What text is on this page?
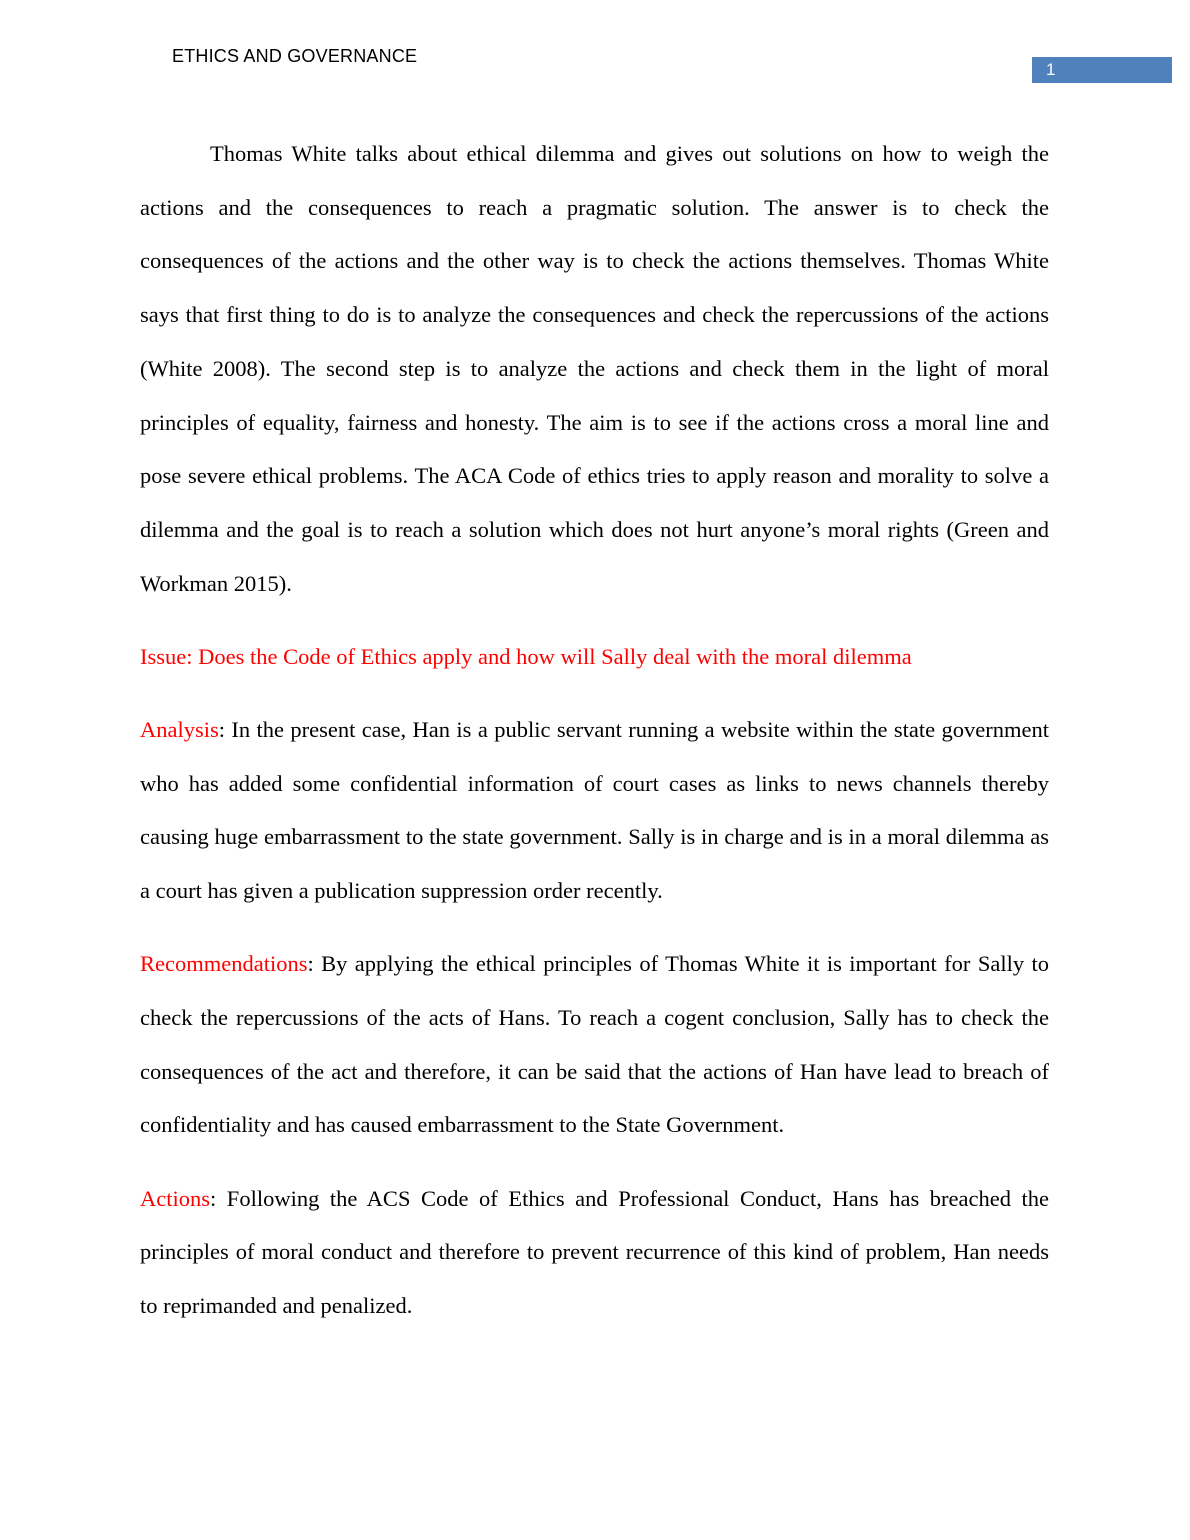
ETHICS AND GOVERNANCE
1

Thomas White talks about ethical dilemma and gives out solutions on how to weigh the actions and the consequences to reach a pragmatic solution. The answer is to check the consequences of the actions and the other way is to check the actions themselves. Thomas White says that first thing to do is to analyze the consequences and check the repercussions of the actions (White 2008). The second step is to analyze the actions and check them in the light of moral principles of equality, fairness and honesty. The aim is to see if the actions cross a moral line and pose severe ethical problems. The ACA Code of ethics tries to apply reason and morality to solve a dilemma and the goal is to reach a solution which does not hurt anyone’s moral rights (Green and Workman 2015).

Issue: Does the Code of Ethics apply and how will Sally deal with the moral dilemma

Analysis: In the present case, Han is a public servant running a website within the state government who has added some confidential information of court cases as links to news channels thereby causing huge embarrassment to the state government. Sally is in charge and is in a moral dilemma as a court has given a publication suppression order recently.

Recommendations: By applying the ethical principles of Thomas White it is important for Sally to check the repercussions of the acts of Hans. To reach a cogent conclusion, Sally has to check the consequences of the act and therefore, it can be said that the actions of Han have lead to breach of confidentiality and has caused embarrassment to the State Government.

Actions: Following the ACS Code of Ethics and Professional Conduct, Hans has breached the principles of moral conduct and therefore to prevent recurrence of this kind of problem, Han needs to reprimanded and penalized.
